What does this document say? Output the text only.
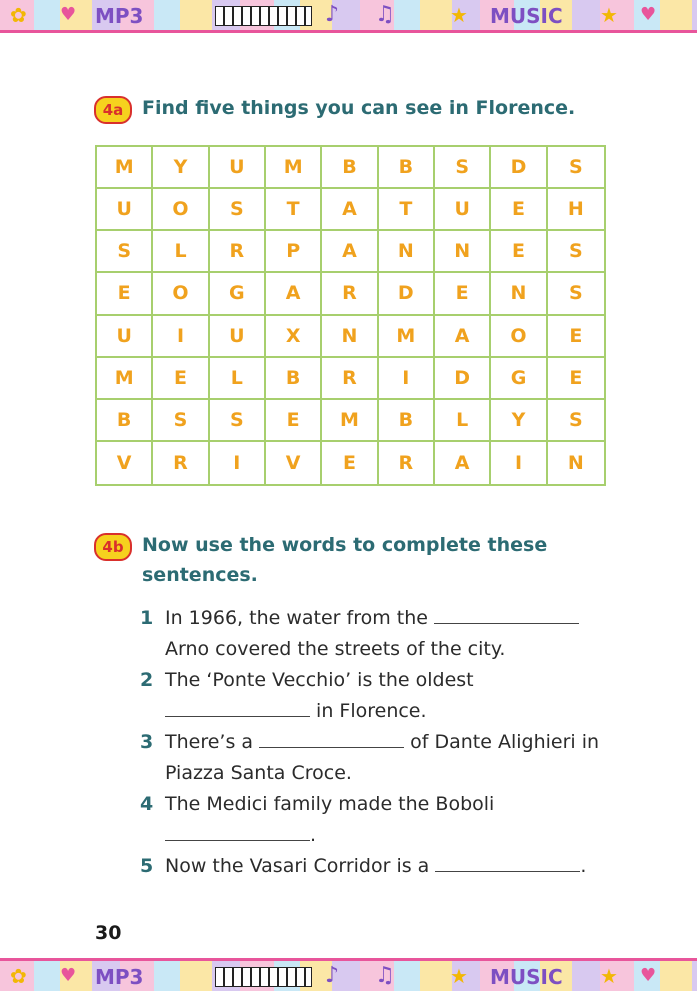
MP3
♥
✿	♪ ♫	★ MUSIC ★ ♥
4a Find five things you can see in Florence.
M	Y	U	M	B	B	S	D	S
U	O	S	T	A	T	U	E	H
S	L	R	P	A	N	N	E	S
E	O	G	A	R	D	E	N	S
U	I	U	X	N	M	A	O	E
M	E	L	B	R	I	D	G	E
B	S	S	E	M	B	L	Y	S
V	R	I	V	E	R	A	I	N
4b Now use the words to complete these
sentences.
1 In 1966, the water from the
Arno covered the streets of the city.
2 The ‘Ponte Vecchio’ is the oldest
in Florence.
3 There’s a	of Dante Alighieri in
Piazza Santa Croce.
4 The Medici family made the Boboli
.
5 Now the Vasari Corridor is a	.
30
MP3
♥
✿	♪ ♫	★ MUSIC ★ ♥
